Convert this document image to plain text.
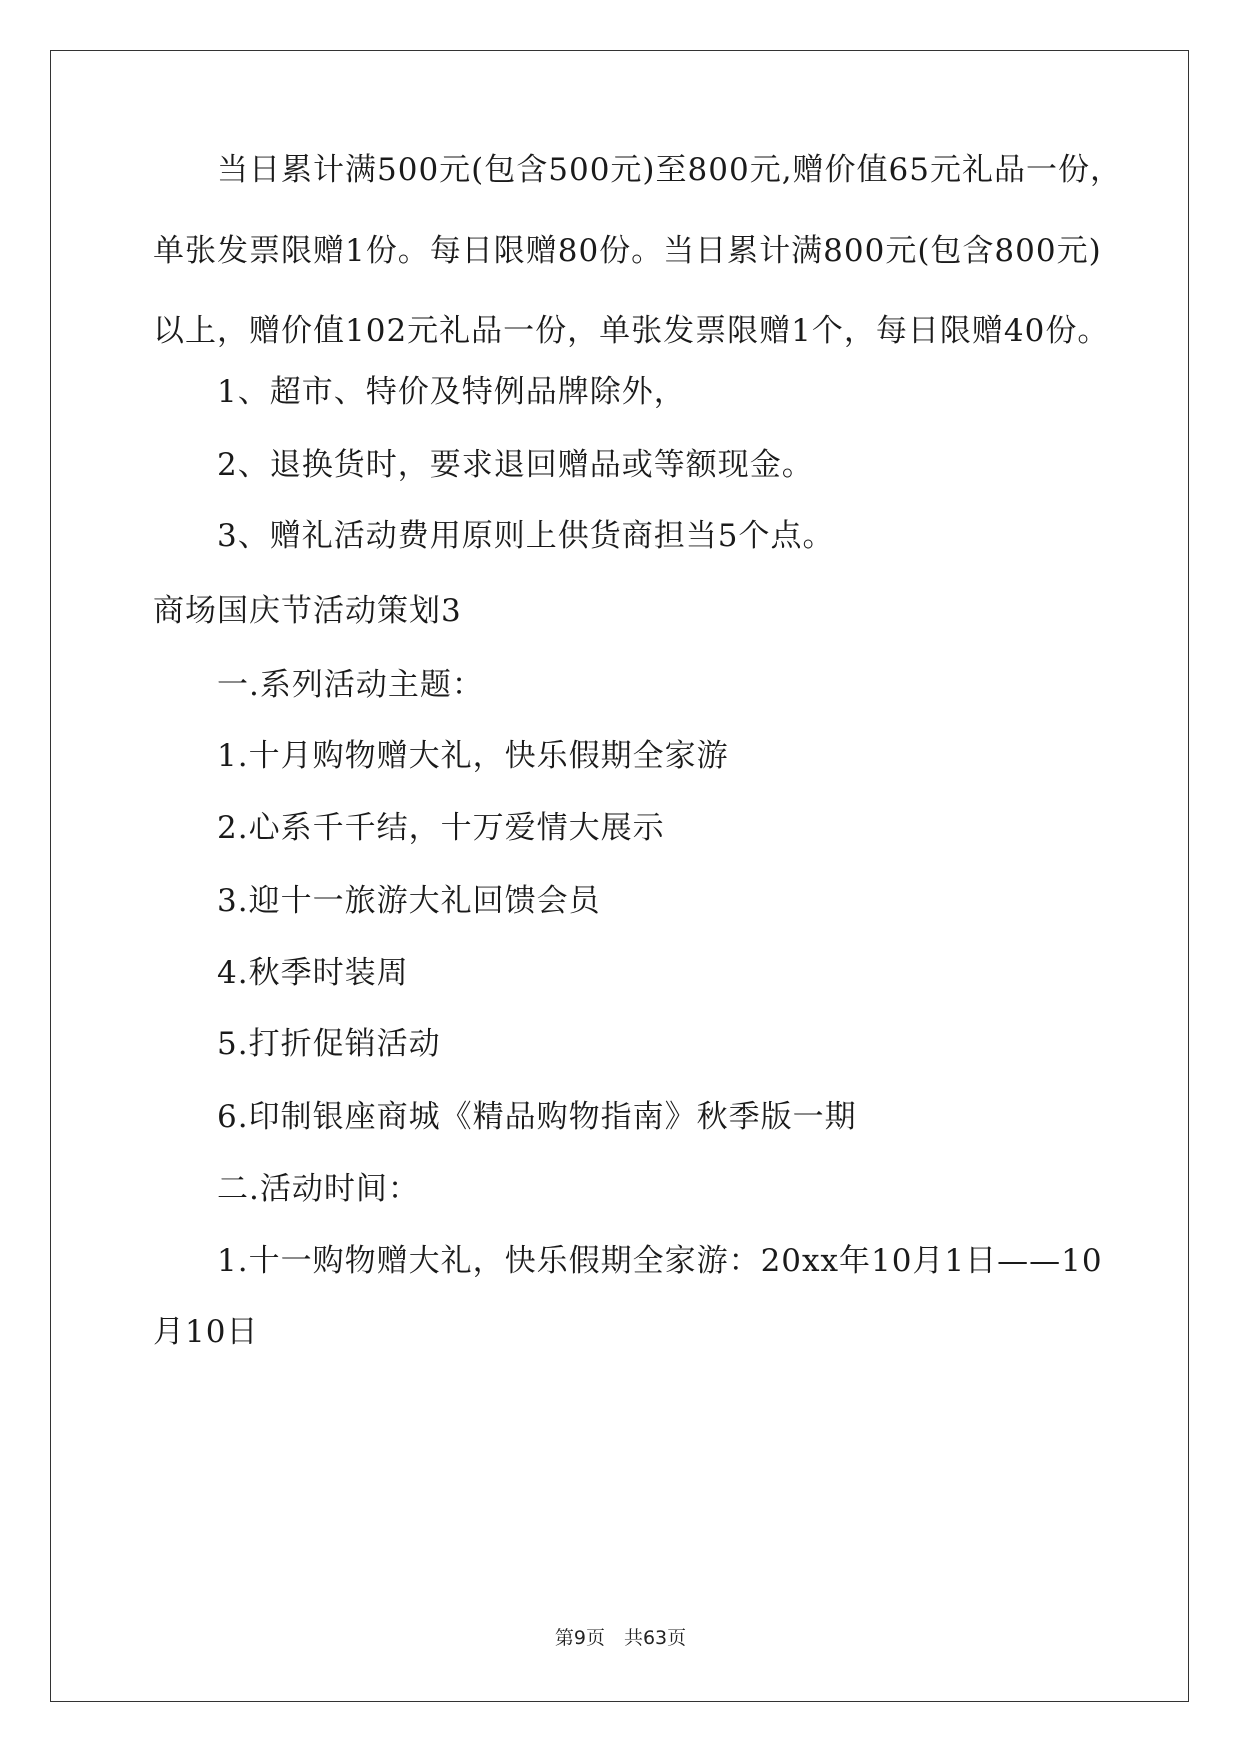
　　当日累计满500元(包含500元)至800元,赠价值65元礼品一份，
单张发票限赠1份。每日限赠80份。当日累计满800元(包含800元)
以上，赠价值102元礼品一份，单张发票限赠1个，每日限赠40份。
　　1、超市、特价及特例品牌除外，
　　2、退换货时，要求退回赠品或等额现金。
　　3、赠礼活动费用原则上供货商担当5个点。
商场国庆节活动策划3
　　一.系列活动主题：
　　1.十月购物赠大礼，快乐假期全家游
　　2.心系千千结，十万爱情大展示
　　3.迎十一旅游大礼回馈会员
　　4.秋季时装周
　　5.打折促销活动
　　6.印制银座商城《精品购物指南》秋季版一期
　　二.活动时间：
　　1.十一购物赠大礼，快乐假期全家游：20xx年10月1日——10
月10日
第9页　共63页
